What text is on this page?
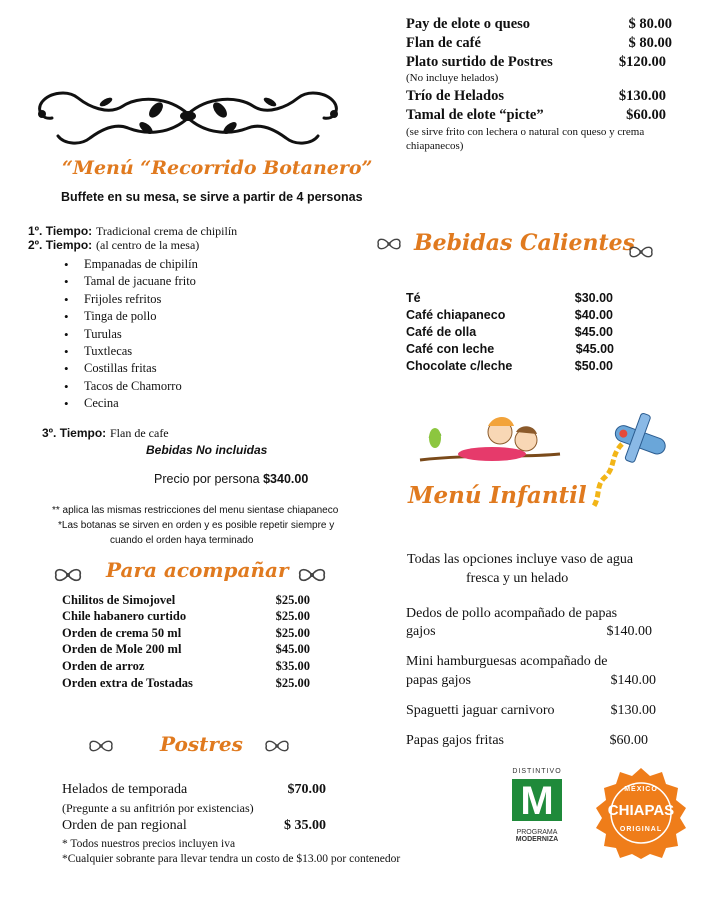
Pay de elote o queso	$ 80.00
Flan de café	$ 80.00
Plato surtido de Postres	$120.00
(No incluye helados)
Trío de Helados	$130.00
Tamal de elote “picte”	$60.00
(se sirve frito con lechera o natural con queso y crema chiapanecos)
“Menú “Recorrido Botanero”
Buffete en su mesa, se sirve a partir de 4 personas
1º. Tiempo: Tradicional crema de chipilín
2º. Tiempo: (al centro de la mesa)
• Empanadas de chipilín
• Tamal de jacuane frito
• Frijoles refritos
• Tinga de pollo
• Turulas
• Tuxtlecas
• Costillas fritas
• Tacos de Chamorro
• Cecina
3º. Tiempo: Flan de cafe
Bebidas No incluidas
Precio por persona $340.00
** aplica las mismas restricciones del menu sientase chiapaneco
*Las botanas se sirven en orden y es posible repetir siempre y
cuando el orden haya terminado
Para acompañar
Chilitos de Simojovel	$25.00
Chile habanero curtido	$25.00
Orden de crema 50 ml	$25.00
Orden de Mole 200 ml	$45.00
Orden de arroz	$35.00
Orden extra de Tostadas	$25.00
Postres
Helados de temporada	$70.00
(Pregunte a su anfitrión por existencias)
Orden de pan regional	$ 35.00
* Todos nuestros precios incluyen iva
*Cualquier sobrante para llevar tendra un costo de $13.00 por contenedor
Bebidas Calientes
Té	$30.00
Café chiapaneco	$40.00
Café de olla	$45.00
Café con leche	$45.00
Chocolate c/leche	$50.00
Menú Infantil
Todas las opciones incluye vaso de agua
fresca y un helado
Dedos de pollo acompañado de papas
gajos	$140.00
Mini hamburguesas acompañado de
papas gajos	$140.00
Spaguetti jaguar carnivoro	$130.00
Papas gajos fritas	$60.00
DISTINTIVO
M
PROGRAMA
MODERNIZA
MÉXICO
CHIAPAS
ORIGINAL
